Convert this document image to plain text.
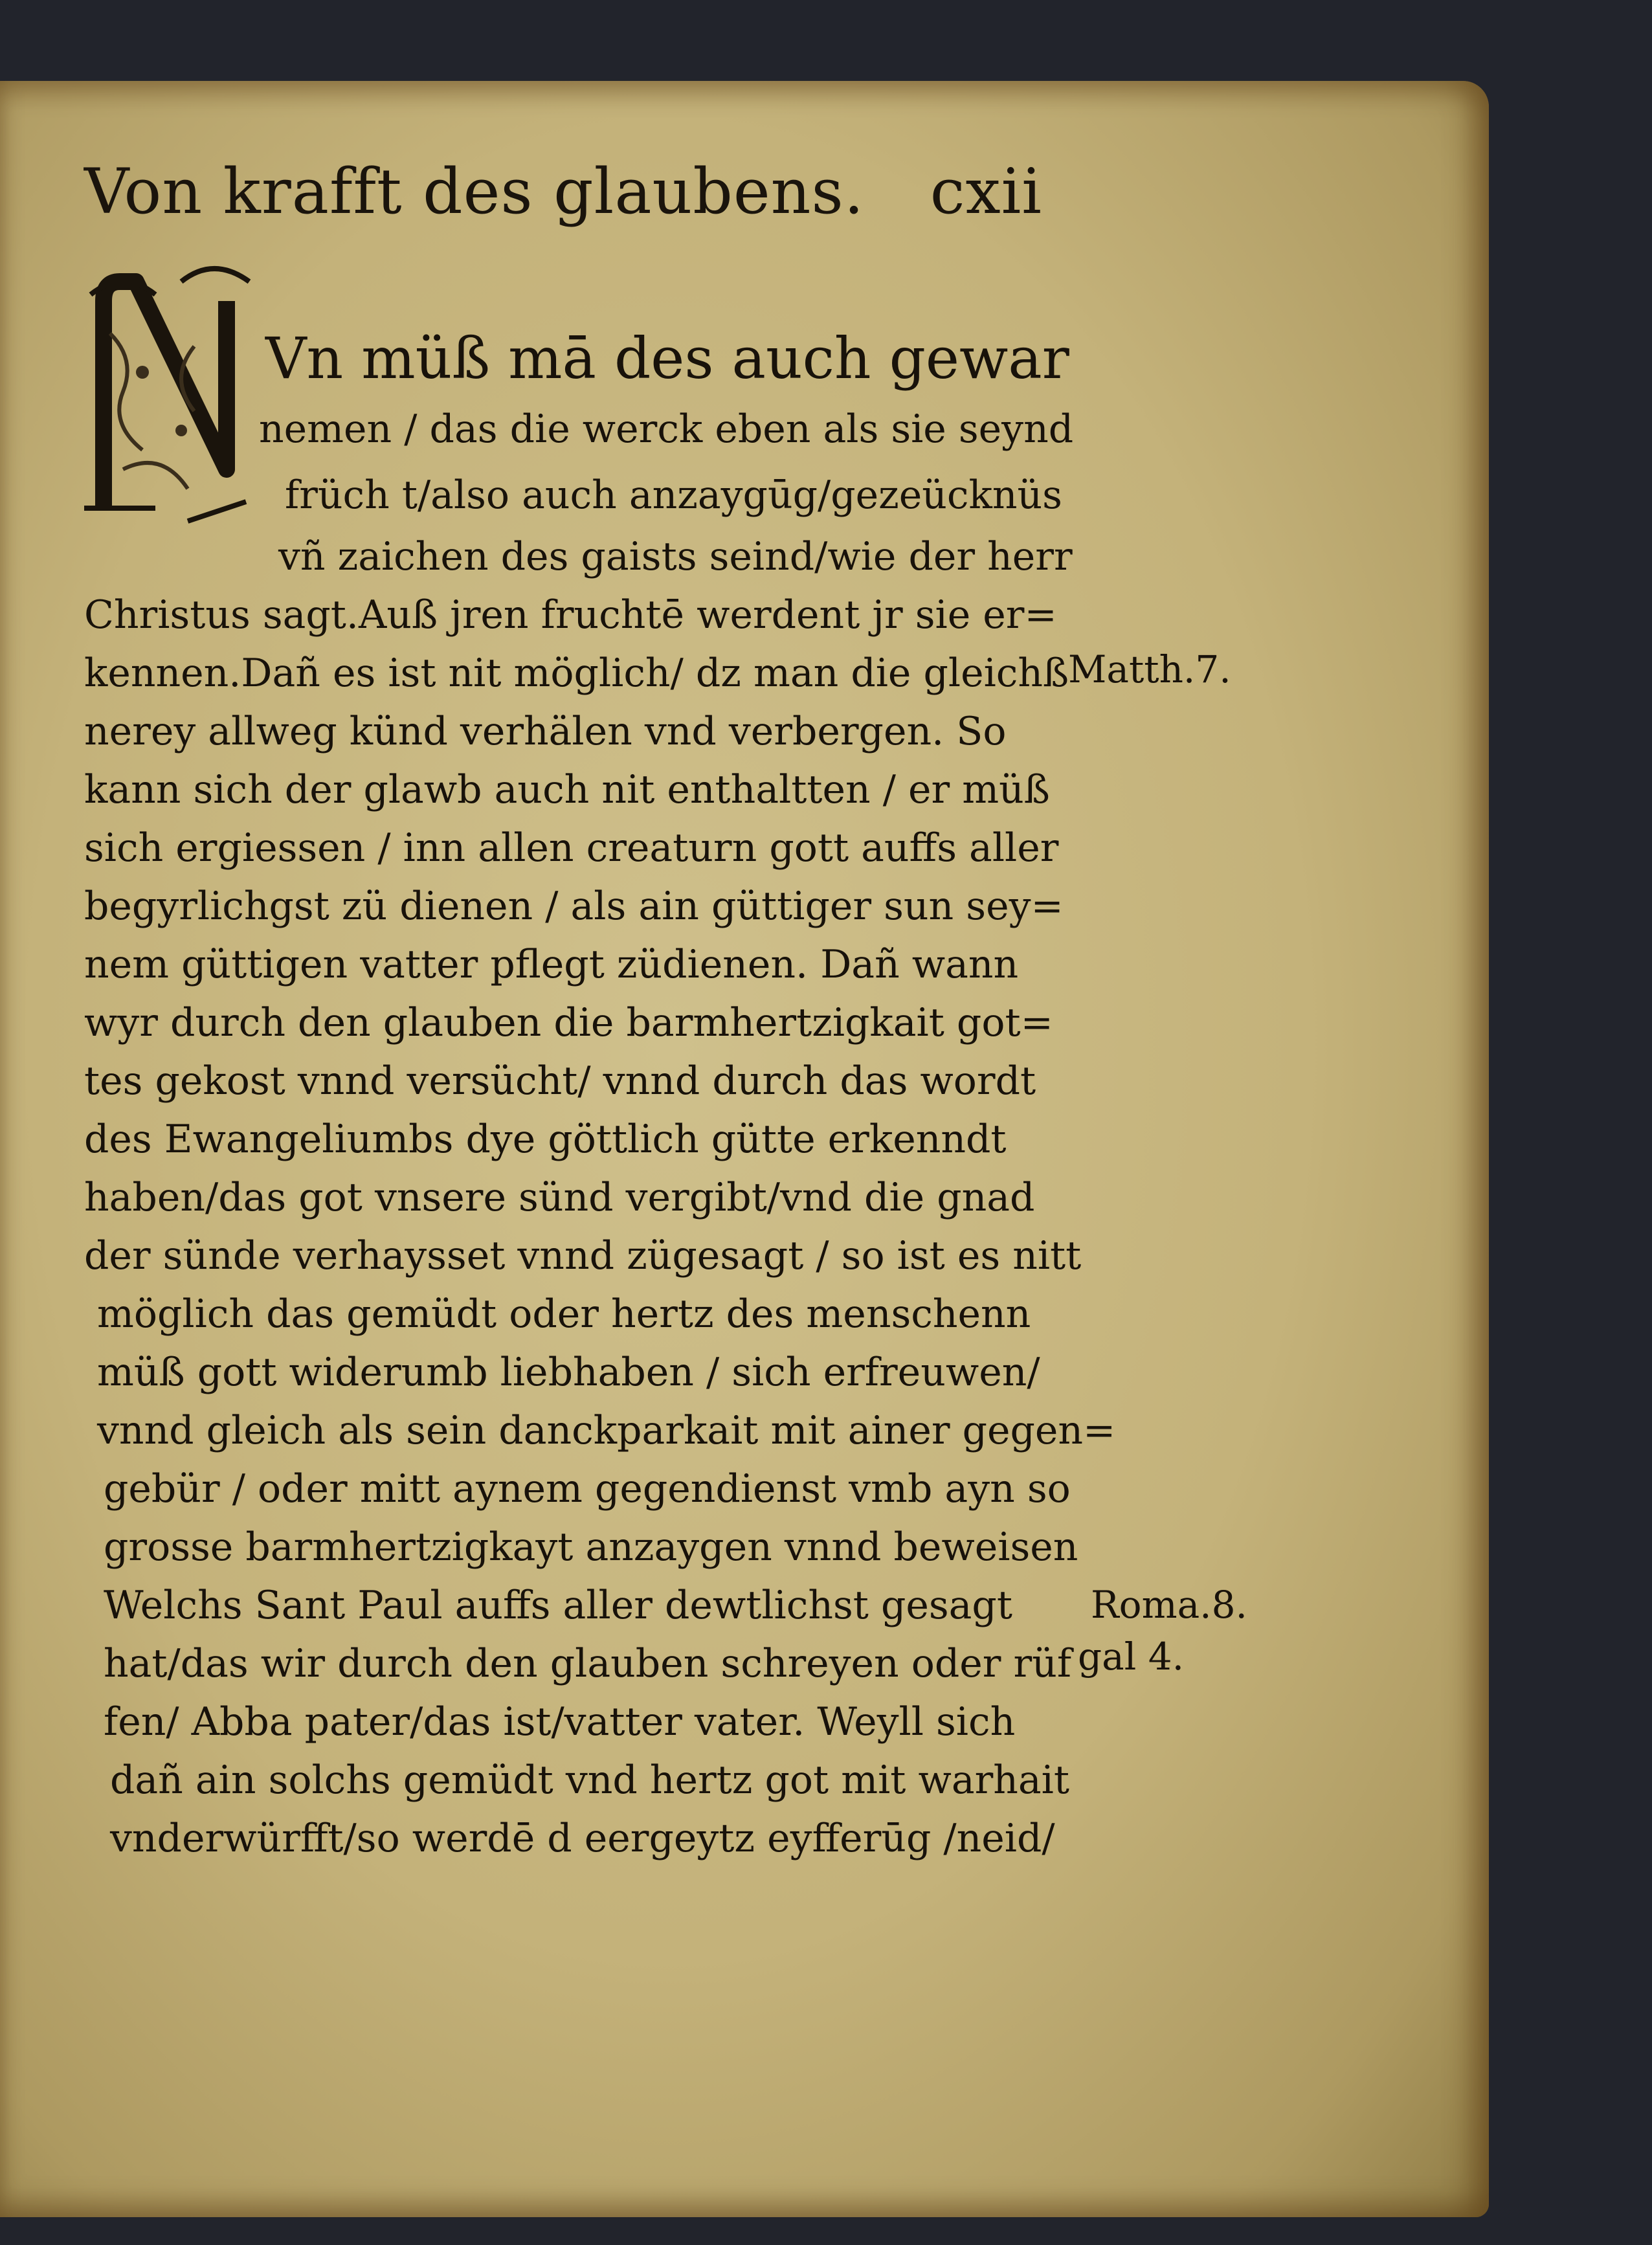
Von krafft des glaubens. cxii
Vn müß mā des auch gewar
nemen / das die werck eben als sie seynd
früch t/also auch anzaygūg/gezeücknüs
vñ zaichen des gaists seind/wie der herr
Christus sagt.Auß jren fruchtē werdent jr sie er=
kennen.Dañ es ist nit möglich/ dz man die gleichß
nerey allweg künd verhälen vnd verbergen. So
kann sich der glawb auch nit enthaltten / er müß
sich ergiessen / inn allen creaturn gott auffs aller
begyrlichgst zü dienen / als ain güttiger sun sey=
nem güttigen vatter pflegt züdienen. Dañ wann
wyr durch den glauben die barmhertzigkait got=
tes gekost vnnd versücht/ vnnd durch das wordt
des Ewangeliumbs dye göttlich gütte erkenndt
haben/das got vnsere sünd vergibt/vnd die gnad
der sünde verhaysset vnnd zügesagt / so ist es nitt
möglich das gemüdt oder hertz des menschenn
müß gott widerumb liebhaben / sich erfreuwen/
vnnd gleich als sein danckparkait mit ainer gegen=
gebür / oder mitt aynem gegendienst vmb ayn so
grosse barmhertzigkayt anzaygen vnnd beweisen
Welchs Sant Paul auffs aller dewtlichst gesagt
hat/das wir durch den glauben schreyen oder rüf
fen/ Abba pater/das ist/vatter vater. Weyll sich
dañ ain solchs gemüdt vnd hertz got mit warhait
vnderwürfft/so werdē d eergeytz eyfferūg /neid/
Matth.7.
Roma.8.
gal 4.
